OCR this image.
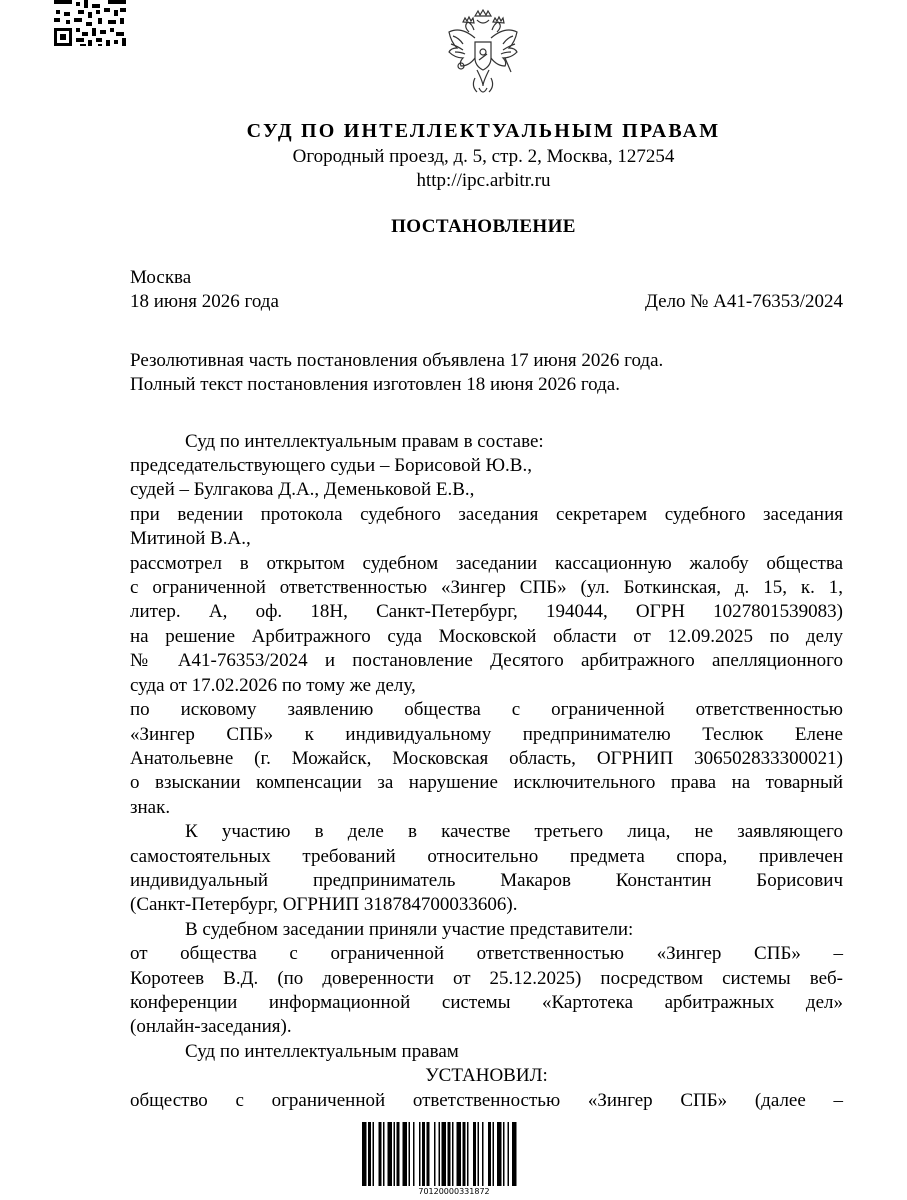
СУД ПО ИНТЕЛЛЕКТУАЛЬНЫМ ПРАВАМ
Огородный проезд, д. 5, стр. 2, Москва, 127254
http://ipc.arbitr.ru
ПОСТАНОВЛЕНИЕ
Москва
18 июня 2026 года	Дело № А41-76353/2024
Резолютивная часть постановления объявлена 17 июня 2026 года.
Полный текст постановления изготовлен 18 июня 2026 года.

Суд по интеллектуальным правам в составе:

председательствующего судьи – Борисовой Ю.В.,

судей – Булгакова Д.А., Деменьковой Е.В.,

при ведении протокола судебного заседания секретарем судебного заседания

Митиной В.А.,

рассмотрел в открытом судебном заседании кассационную жалобу общества

с ограниченной ответственностью «Зингер СПБ» (ул. Боткинская, д. 15, к. 1,

литер. А, оф. 18Н, Санкт-Петербург, 194044, ОГРН 1027801539083)

на решение Арбитражного суда Московской области от 12.09.2025 по делу

№ А41-76353/2024 и постановление Десятого арбитражного апелляционного

суда от 17.02.2026 по тому же делу,

по исковому заявлению общества с ограниченной ответственностью

«Зингер СПБ» к индивидуальному предпринимателю Теслюк Елене

Анатольевне (г. Можайск, Московская область, ОГРНИП 306502833300021)

о взыскании компенсации за нарушение исключительного права на товарный

знак.

К участию в деле в качестве третьего лица, не заявляющего

самостоятельных требований относительно предмета спора, привлечен

индивидуальный предприниматель Макаров Константин Борисович

(Санкт-Петербург, ОГРНИП 318784700033606).

В судебном заседании приняли участие представители:

от общества с ограниченной ответственностью «Зингер СПБ» –

Коротеев В.Д. (по доверенности от 25.12.2025) посредством системы веб-

конференции информационной системы «Картотека арбитражных дел»

(онлайн-заседания).

Суд по интеллектуальным правам

УСТАНОВИЛ:

общество с ограниченной ответственностью «Зингер СПБ» (далее –

70120000331872
